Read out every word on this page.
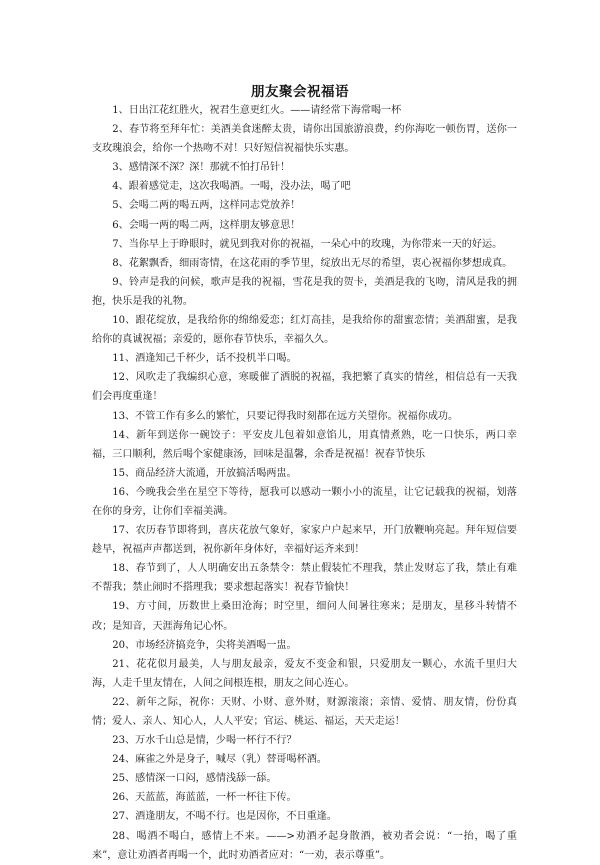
朋友聚会祝福语

1、日出江花红胜火，祝君生意更红火。——请经常下海常喝一杯

2、春节将至拜年忙：美酒美食迷醉太贵，请你出国旅游浪费，约你海吃一顿伤胃，送你一支玫瑰浪会，给你一个热吻不对！只好短信祝福快乐实惠。

3、感情深不深？深！那就不怕打吊针！

4、跟着感觉走，这次我喝酒。一喝，没办法，喝了吧

5、会喝二两的喝五两，这样同志党放养！

6、会喝一两的喝二两，这样朋友够意思！

7、当你早上于睁眼时，就见到我对你的祝福，一朵心中的玫瑰，为你带来一天的好运。

8、花絮飘香，细雨寄情，在这花雨的季节里，绽放出无尽的希望，衷心祝福你梦想成真。

9、铃声是我的问候，歌声是我的祝福，雪花是我的贺卡，美酒是我的飞吻，清风是我的拥抱，快乐是我的礼物。

10、跟花绽放，是我给你的绵绵爱恋；红灯高挂，是我给你的甜蜜恋情；美酒甜蜜，是我给你的真诚祝福；亲爱的，愿你春节快乐，幸福久久。

11、酒逢知己千杯少，话不投机半口喝。

12、风吹走了我编织心意，寒暖催了洒脱的祝福，我把繁了真实的情丝，相信总有一天我们会再度重逢！

13、不管工作有多么的繁忙，只要记得我时刻都在远方关望你。祝福你成功。

14、新年到送你一碗饺子：平安皮儿包着如意馅儿，用真情煮熟，吃一口快乐，两口幸福，三口顺利，然后喝个家健康汤，回味是温馨，余香是祝福！祝春节快乐

15、商品经济大流通，开放搞活喝两盅。

16、今晚我会坐在星空下等待，愿我可以感动一颗小小的流星，让它记载我的祝福，划落在你的身旁，让你们幸福美满。

17、农历春节即将到，喜庆花放气象好，家家户户起来早，开门放鞭响亮起。拜年短信要趁早，祝福声声都送到，祝你新年身体好，幸福好运齐来到！

18、春节到了，人人明确安出五条禁令：禁止假装忙不理我，禁止发财忘了我，禁止有难不帮我；禁止闹时不搭理我；要求想起落实！祝春节愉快！

19、方寸间，历数世上桑田沧海；时空里，细问人间暑往寒来；是朋友，星移斗转情不改；是知音，天涯海角记心怀。

20、市场经济搞竞争，尖将美酒喝一盅。

21、花花似月最美，人与朋友最亲，爱友不变金和银，只爱朋友一颗心，水流千里归大海，人走千里友情在，人间之间根连根，朋友之间心连心。

22、新年之际，祝你：天财、小财、意外财，财源滚滚；亲情、爱情、朋友情，份份真情；爱人、亲人、知心人，人人平安；官运、桃运、福运，天天走运！

23、万水千山总是情，少喝一杯行不行？

24、麻雀之外是身子，喊尽（乳）替哥喝杯酒。

25、感情深一口闷，感情浅舔一舔。

26、天蓝蓝，海蓝蓝，一杯一杯往下传。

27、酒逢朋友，不喝不行。也是因你，不日重逢。

28、喝酒不喝白，感情上不来。——>劝酒矛起身散酒，被劝者会说：“一抬，喝了重来”，意让劝酒者再喝一个，此时劝酒者应对：“一劝，表示尊重”。
